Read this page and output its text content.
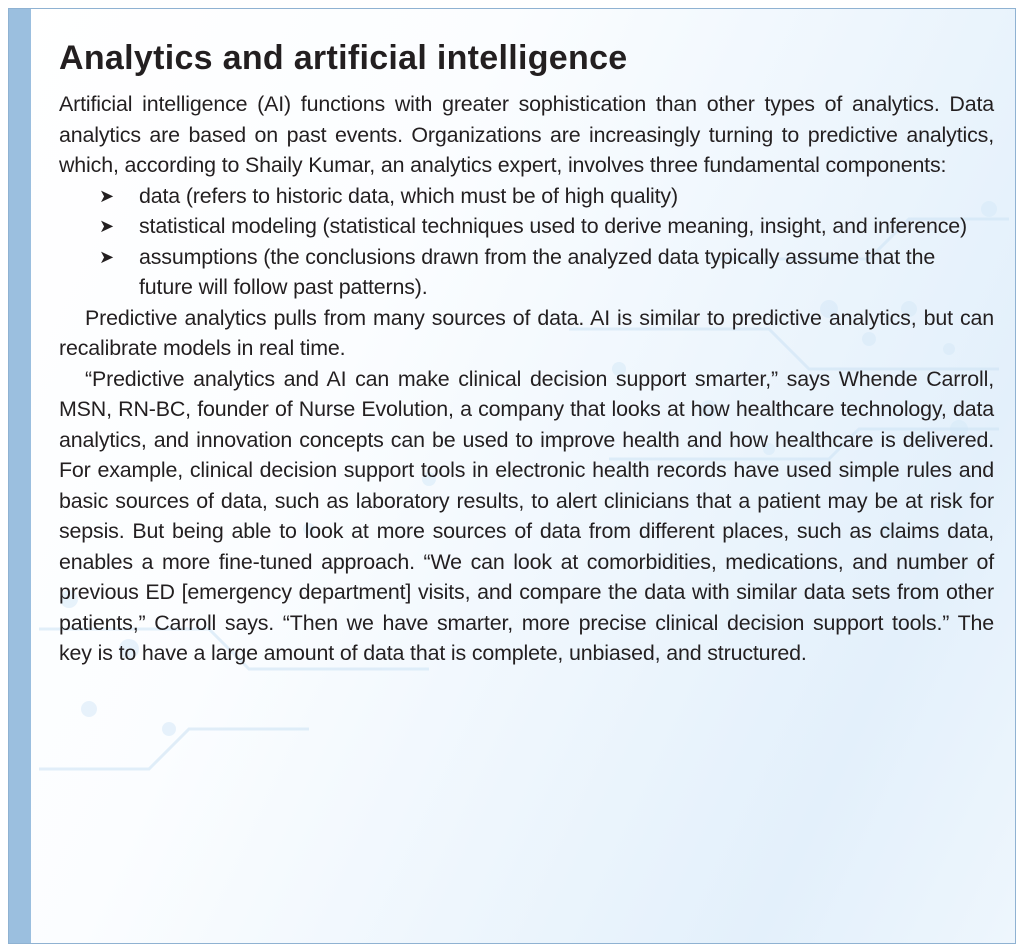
Analytics and artificial intelligence

Artificial intelligence (AI) functions with greater sophistication than other types of analytics. Data analytics are based on past events. Organizations are increasingly turning to predictive analytics, which, according to Shaily Kumar, an analytics expert, involves three fundamental components:

➤ data (refers to historic data, which must be of high quality)
➤ statistical modeling (statistical techniques used to derive meaning, insight, and inference)
➤ assumptions (the conclusions drawn from the analyzed data typically assume that the future will follow past patterns).

Predictive analytics pulls from many sources of data. AI is similar to predictive analytics, but can recalibrate models in real time.

“Predictive analytics and AI can make clinical decision support smarter,” says Whende Carroll, MSN, RN-BC, founder of Nurse Evolution, a company that looks at how healthcare technology, data analytics, and innovation concepts can be used to improve health and how healthcare is delivered. For example, clinical decision support tools in electronic health records have used simple rules and basic sources of data, such as laboratory results, to alert clinicians that a patient may be at risk for sepsis. But being able to look at more sources of data from different places, such as claims data, enables a more fine-tuned approach. “We can look at comorbidities, medications, and number of previous ED [emergency department] visits, and compare the data with similar data sets from other patients,” Carroll says. “Then we have smarter, more precise clinical decision support tools.” The key is to have a large amount of data that is complete, unbiased, and structured.
